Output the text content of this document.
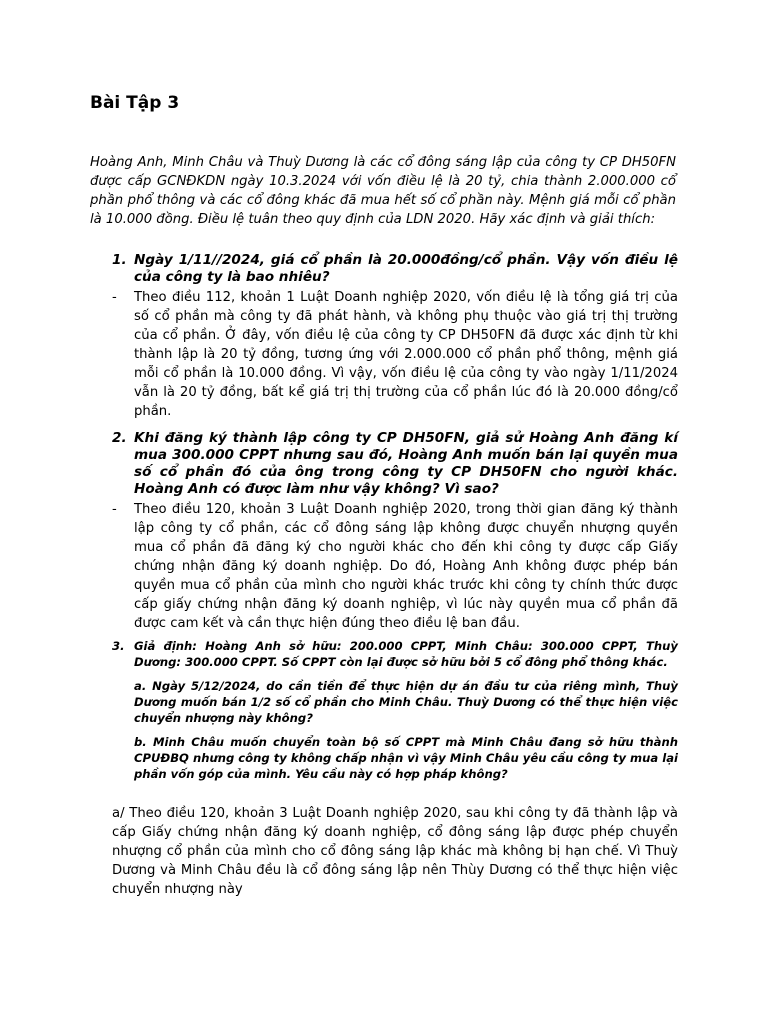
Bài Tập 3

Hoàng Anh, Minh Châu và Thuỳ Dương là các cổ đông sáng lập của công ty CP DH50FN được cấp GCNĐKDN ngày 10.3.2024 với vốn điều lệ là 20 tỷ, chia thành 2.000.000 cổ phần phổ thông và các cổ đông khác đã mua hết số cổ phần này. Mệnh giá mỗi cổ phần là 10.000 đồng. Điều lệ tuân theo quy định của LDN 2020. Hãy xác định và giải thích:

1. Ngày 1/11//2024, giá cổ phần là 20.000đồng/cổ phần. Vậy vốn điều lệ của công ty là bao nhiêu?

- Theo điều 112, khoản 1 Luật Doanh nghiệp 2020, vốn điều lệ là tổng giá trị của số cổ phần mà công ty đã phát hành, và không phụ thuộc vào giá trị thị trường của cổ phần. Ở đây, vốn điều lệ của công ty CP DH50FN đã được xác định từ khi thành lập là 20 tỷ đồng, tương ứng với 2.000.000 cổ phần phổ thông, mệnh giá mỗi cổ phần là 10.000 đồng. Vì vậy, vốn điều lệ của công ty vào ngày 1/11/2024 vẫn là 20 tỷ đồng, bất kể giá trị thị trường của cổ phần lúc đó là 20.000 đồng/cổ phần.
2. Khi đăng ký thành lập công ty CP DH50FN, giả sử Hoàng Anh đăng kí mua 300.000 CPPT nhưng sau đó, Hoàng Anh muốn bán lại quyền mua số cổ phần đó của ông trong công ty CP DH50FN cho người khác. Hoàng Anh có được làm như vậy không? Vì sao?

- Theo điều 120, khoản 3 Luật Doanh nghiệp 2020, trong thời gian đăng ký thành lập công ty cổ phần, các cổ đông sáng lập không được chuyển nhượng quyền mua cổ phần đã đăng ký cho người khác cho đến khi công ty được cấp Giấy chứng nhận đăng ký doanh nghiệp. Do đó, Hoàng Anh không được phép bán quyền mua cổ phần của mình cho người khác trước khi công ty chính thức được cấp giấy chứng nhận đăng ký doanh nghiệp, vì lúc này quyền mua cổ phần đã được cam kết và cần thực hiện đúng theo điều lệ ban đầu.
3. Giả định: Hoàng Anh sở hữu: 200.000 CPPT, Minh Châu: 300.000 CPPT, Thuỳ Dương: 300.000 CPPT. Số CPPT còn lại được sở hữu bởi 5 cổ đông phổ thông khác.

a. Ngày 5/12/2024, do cần tiền để thực hiện dự án đầu tư của riêng mình, Thuỳ Dương muốn bán 1/2 số cổ phần cho Minh Châu. Thuỳ Dương có thể thực hiện việc chuyển nhượng này không?

b. Minh Châu muốn chuyển toàn bộ số CPPT mà Minh Châu đang sở hữu thành CPUĐBQ nhưng công ty không chấp nhận vì vậy Minh Châu yêu cầu công ty mua lại phần vốn góp của mình. Yêu cầu này có hợp pháp không?

a/ Theo điều 120, khoản 3 Luật Doanh nghiệp 2020, sau khi công ty đã thành lập và cấp Giấy chứng nhận đăng ký doanh nghiệp, cổ đông sáng lập được phép chuyển nhượng cổ phần của mình cho cổ đông sáng lập khác mà không bị hạn chế. Vì Thuỳ Dương và Minh Châu đều là cổ đông sáng lập nên Thùy Dương có thể thực hiện việc chuyển nhượng này
